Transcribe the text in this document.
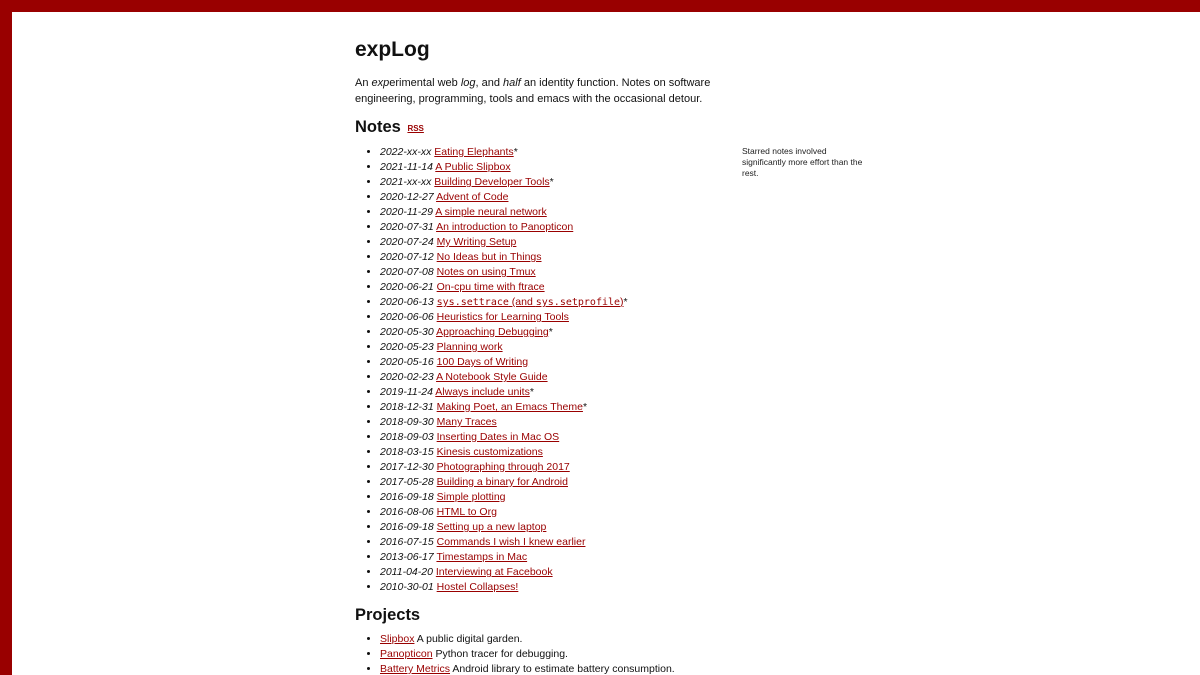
expLog

An experimental web log, and half an identity function. Notes on software engineering, programming, tools and emacs with the occasional detour.

Notes RSS
• 2022-xx-xx Eating Elephants*
• 2021-11-14 A Public Slipbox
• 2021-xx-xx Building Developer Tools*
• 2020-12-27 Advent of Code
• 2020-11-29 A simple neural network
• 2020-07-31 An introduction to Panopticon
• 2020-07-24 My Writing Setup
• 2020-07-12 No Ideas but in Things
• 2020-07-08 Notes on using Tmux
• 2020-06-21 On-cpu time with ftrace
• 2020-06-13 sys.settrace (and sys.setprofile)*
• 2020-06-06 Heuristics for Learning Tools
• 2020-05-30 Approaching Debugging*
• 2020-05-23 Planning work
• 2020-05-16 100 Days of Writing
• 2020-02-23 A Notebook Style Guide
• 2019-11-24 Always include units*
• 2018-12-31 Making Poet, an Emacs Theme*
• 2018-09-30 Many Traces
• 2018-09-03 Inserting Dates in Mac OS
• 2018-03-15 Kinesis customizations
• 2017-12-30 Photographing through 2017
• 2017-05-28 Building a binary for Android
• 2016-09-18 Simple plotting
• 2016-08-06 HTML to Org
• 2016-09-18 Setting up a new laptop
• 2016-07-15 Commands I wish I knew earlier
• 2013-06-17 Timestamps in Mac
• 2011-04-20 Interviewing at Facebook
• 2010-30-01 Hostel Collapses!
Projects
• Slipbox A public digital garden.
• Panopticon Python tracer for debugging.
• Battery Metrics Android library to estimate battery consumption.
Starred notes involved significantly more effort than the rest.
